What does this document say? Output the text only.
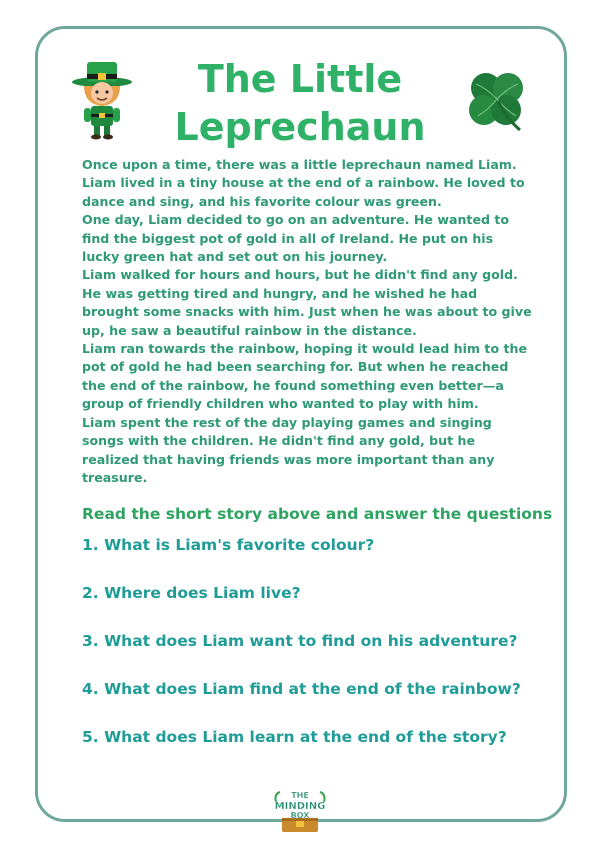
The Little
Leprechaun

Once upon a time, there was a little leprechaun named Liam. Liam lived in a tiny house at the end of a rainbow. He loved to dance and sing, and his favorite colour was green.

One day, Liam decided to go on an adventure. He wanted to find the biggest pot of gold in all of Ireland. He put on his lucky green hat and set out on his journey.

Liam walked for hours and hours, but he didn't find any gold. He was getting tired and hungry, and he wished he had brought some snacks with him. Just when he was about to give up, he saw a beautiful rainbow in the distance.

Liam ran towards the rainbow, hoping it would lead him to the pot of gold he had been searching for. But when he reached the end of the rainbow, he found something even better—a group of friendly children who wanted to play with him.

Liam spent the rest of the day playing games and singing songs with the children. He didn't find any gold, but he realized that having friends was more important than any treasure.

Read the short story above and answer the questions
1. What is Liam's favorite colour?
2. Where does Liam live?
3. What does Liam want to find on his adventure?
4. What does Liam find at the end of the rainbow?
5. What does Liam learn at the end of the story?
THE
MINDING
BOX
